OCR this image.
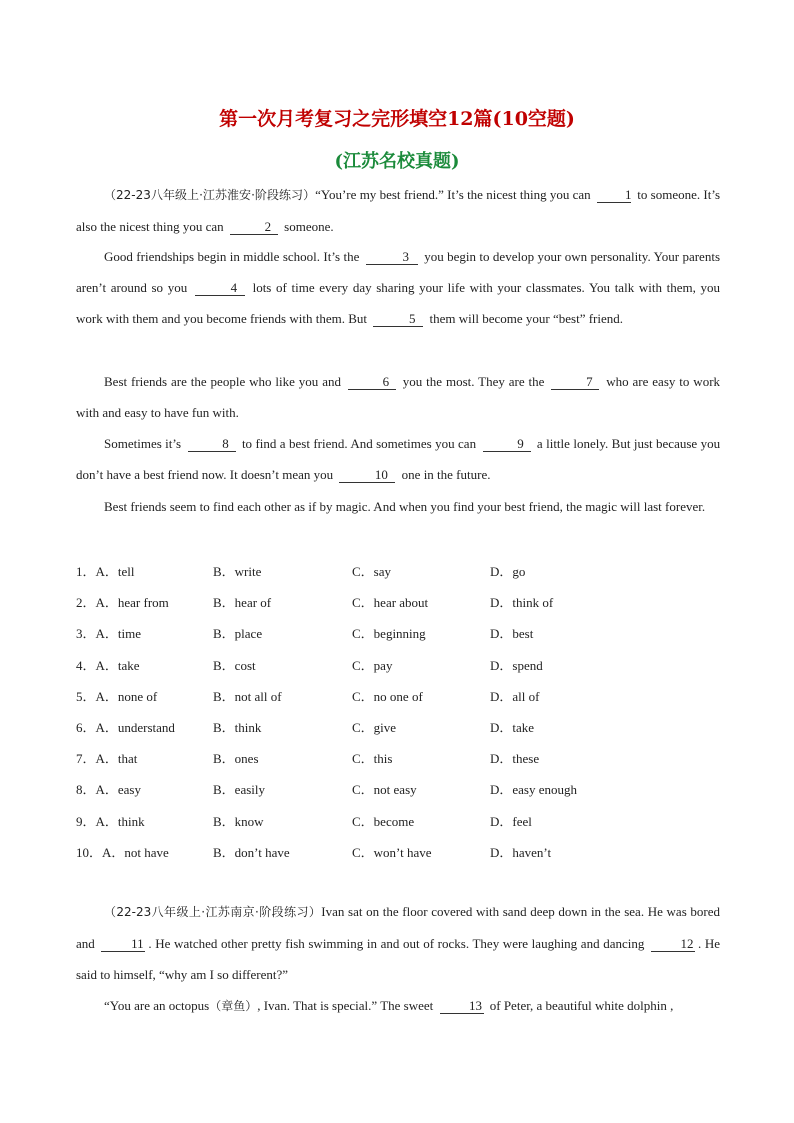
第一次月考复习之完形填空12篇(10空题)
(江苏名校真题)
（22-23八年级上·江苏淮安·阶段练习）“You’re my best friend.” It’s the nicest thing you can	1 to someone. It’s also the nicest thing you can	2 someone.
Good friendships begin in middle school. It’s the	3 you begin to develop your own personality. Your parents aren’t around so you	4 lots of time every day sharing your life with your classmates. You talk with them, you work with them and you become friends with them. But	5 them will become your “best” friend.
Best friends are the people who like you and	6 you the most. They are the	7 who are easy to work with and easy to have fun with.
Sometimes it’s	8 to find a best friend. And sometimes you can	9 a little lonely. But just because you don’t have a best friend now. It doesn’t mean you	10 one in the future.
Best friends seem to find each other as if by magic. And when you find your best friend, the magic will last forever.
1．A．tell	B．write	C．say	D．go
2．A．hear from	B．hear of	C．hear about	D．think of
3．A．time	B．place	C．beginning	D．best
4．A．take	B．cost	C．pay	D．spend
5．A．none of	B．not all of	C．no one of	D．all of
6．A．understand	B．think	C．give	D．take
7．A．that	B．ones	C．this	D．these
8．A．easy	B．easily	C．not easy	D．easy enough
9．A．think	B．know	C．become	D．feel
10．A．not have	B．don’t have	C．won’t have	D．haven’t
（22-23八年级上·江苏南京·阶段练习）Ivan sat on the floor covered with sand deep down in the sea. He was bored and	11 . He watched other pretty fish swimming in and out of rocks. They were laughing and dancing	12 . He said to himself, “why am I so different?”
“You are an octopus（章鱼）, Ivan. That is special.” The sweet	13 of Peter, a beautiful white dolphin ,
